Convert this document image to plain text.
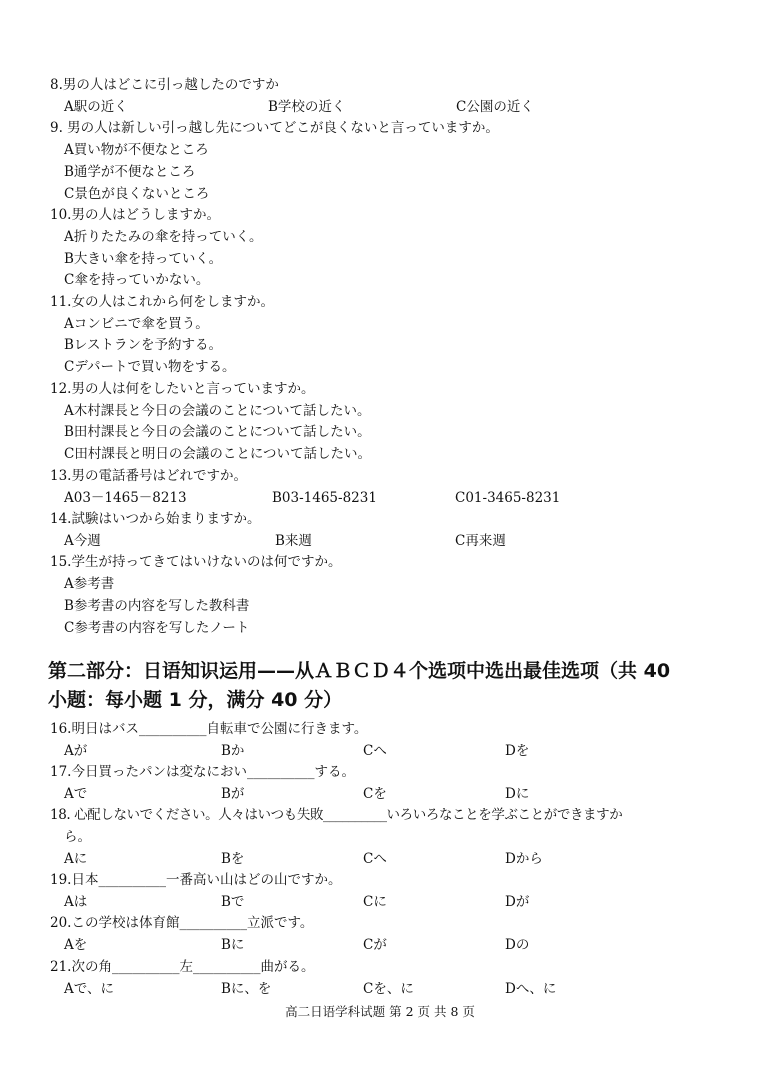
8.男の人はどこに引っ越したのですか
A駅の近く	B学校の近く	C公園の近く
9. 男の人は新しい引っ越し先についてどこが良くないと言っていますか。
A買い物が不便なところ
B通学が不便なところ
C景色が良くないところ
10.男の人はどうしますか。
A折りたたみの傘を持っていく。
B大きい傘を持っていく。
C傘を持っていかない。
11.女の人はこれから何をしますか。
Aコンビニで傘を買う。
Bレストランを予約する。
Cデパートで買い物をする。
12.男の人は何をしたいと言っていますか。
A木村課長と今日の会議のことについて話したい。
B田村課長と今日の会議のことについて話したい。
C田村課長と明日の会議のことについて話したい。
13.男の電話番号はどれですか。
A03－1465－8213	B03-1465-8231	C01-3465-8231
14.試験はいつから始まりますか。
A今週	B来週	C再来週
15.学生が持ってきてはいけないのは何ですか。
A参考書
B参考書の内容を写した教科書
C参考書の内容を写したノート
第二部分：日语知识运用——从ＡＢＣＤ４个选项中选出最佳选项（共 40
小题：每小题 1 分，满分 40 分）
16.明日はバス__________自転車で公園に行きます。
Aが	Bか	Cへ	Dを
17.今日買ったパンは変なにおい__________する。
Aで	Bが	Cを	Dに
18. 心配しないでください。人々はいつも失敗__________いろいろなことを学ぶことができますか
ら。
Aに	Bを	Cへ	Dから
19.日本__________一番高い山はどの山ですか。
Aは	Bで	Cに	Dが
20.この学校は体育館__________立派です。
Aを	Bに	Cが	Dの
21.次の角__________左__________曲がる。
Aで、に	Bに、を	Cを、に	Dへ、に
高二日语学科试题 第 2 页 共 8 页
